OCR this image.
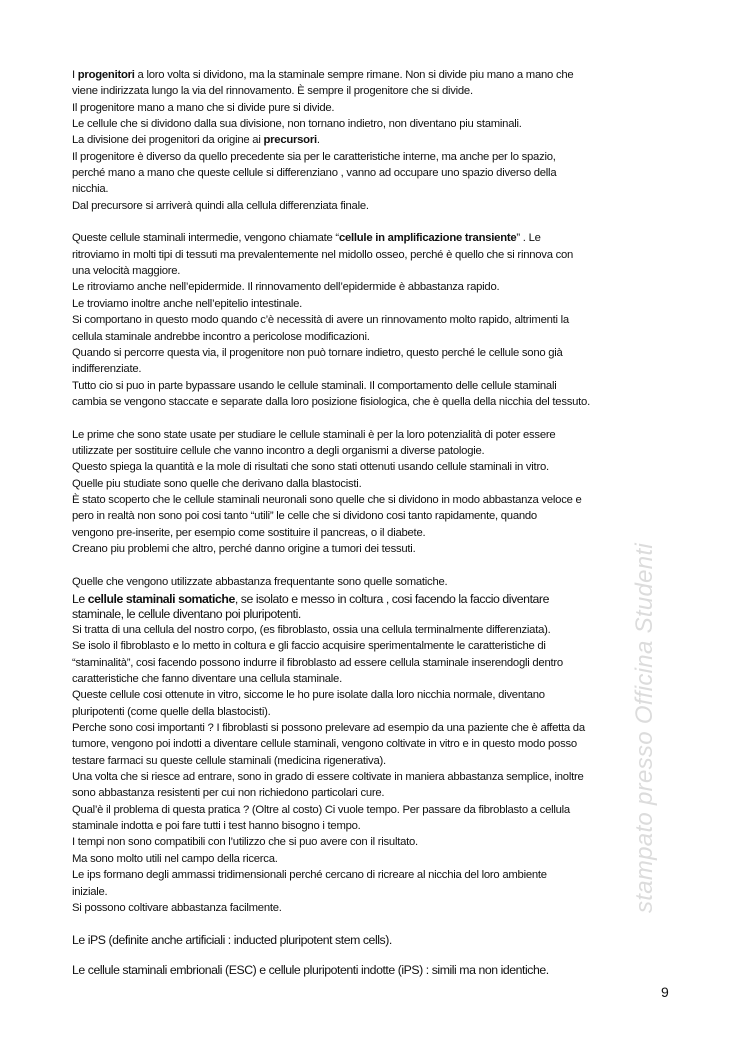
I progenitori a loro volta si dividono, ma la staminale sempre rimane. Non si divide piu mano a mano che
viene indirizzata lungo la via del rinnovamento. È sempre il progenitore che si divide.
Il progenitore mano a mano che si divide pure si divide.
Le cellule che si dividono dalla sua divisione, non tornano indietro, non diventano piu staminali.
La divisione dei progenitori da origine ai precursori.
Il progenitore è diverso da quello precedente sia per le caratteristiche interne, ma anche per lo spazio,
perché mano a mano che queste cellule si differenziano , vanno ad occupare uno spazio diverso della
nicchia.
Dal precursore si arriverà quindi alla cellula differenziata finale.
Queste cellule staminali intermedie, vengono chiamate “cellule in amplificazione transiente” . Le
ritroviamo in molti tipi di tessuti ma prevalentemente nel midollo osseo, perché è quello che si rinnova con
una velocità maggiore.
Le ritroviamo anche nell’epidermide. Il rinnovamento dell’epidermide è abbastanza rapido.
Le troviamo inoltre anche nell’epitelio intestinale.
Si comportano in questo modo quando c’è necessità di avere un rinnovamento molto rapido, altrimenti la
cellula staminale andrebbe incontro a pericolose modificazioni.
Quando si percorre questa via, il progenitore non può tornare indietro, questo perché le cellule sono già
indifferenziate.
Tutto cio si puo in parte bypassare usando le cellule staminali. Il comportamento delle cellule staminali
cambia se vengono staccate e separate dalla loro posizione fisiologica, che è quella della nicchia del tessuto.
Le prime che sono state usate per studiare le cellule staminali è per la loro potenzialità di poter essere
utilizzate per sostituire cellule che vanno incontro a degli organismi a diverse patologie.
Questo spiega la quantità e la mole di risultati che sono stati ottenuti usando cellule staminali in vitro.
Quelle piu studiate sono quelle che derivano dalla blastocisti.
È stato scoperto che le cellule staminali neuronali sono quelle che si dividono in modo abbastanza veloce e
pero in realtà non sono poi cosi tanto “utili” le celle che si dividono cosi tanto rapidamente, quando
vengono pre-inserite, per esempio come sostituire il pancreas, o il diabete.
Creano piu problemi che altro, perché danno origine a tumori dei tessuti.
Quelle che vengono utilizzate abbastanza frequentante sono quelle somatiche.
Le cellule staminali somatiche, se isolato e messo in coltura , cosi facendo la faccio diventare
staminale, le cellule diventano poi pluripotenti.
Si tratta di una cellula del nostro corpo, (es fibroblasto, ossia una cellula terminalmente differenziata).
Se isolo il fibroblasto e lo metto in coltura e gli faccio acquisire sperimentalmente le caratteristiche di
“staminalità”, cosi facendo possono indurre il fibroblasto ad essere cellula staminale inserendogli dentro
caratteristiche che fanno diventare una cellula staminale.
Queste cellule cosi ottenute in vitro, siccome le ho pure isolate dalla loro nicchia normale, diventano
pluripotenti (come quelle della blastocisti).
Perche sono cosi importanti ? I fibroblasti si possono prelevare ad esempio da una paziente che è affetta da
tumore, vengono poi indotti a diventare cellule staminali, vengono coltivate in vitro e in questo modo posso
testare farmaci su queste cellule staminali (medicina rigenerativa).
Una volta che si riesce ad entrare, sono in grado di essere coltivate in maniera abbastanza semplice, inoltre
sono abbastanza resistenti per cui non richiedono particolari cure.
Qual’è il problema di questa pratica ? (Oltre al costo) Ci vuole tempo. Per passare da fibroblasto a cellula
staminale indotta e poi fare tutti i test hanno bisogno i tempo.
I tempi non sono compatibili con l’utilizzo che si puo avere con il risultato.
Ma sono molto utili nel campo della ricerca.
Le ips formano degli ammassi tridimensionali perché cercano di ricreare al nicchia del loro ambiente
iniziale.
Si possono coltivare abbastanza facilmente.
Le iPS (definite anche artificiali : inducted pluripotent stem cells).
Le cellule staminali embrionali (ESC) e cellule pluripotenti indotte (iPS) : simili ma non identiche.
stampato presso Officina Studenti
9
